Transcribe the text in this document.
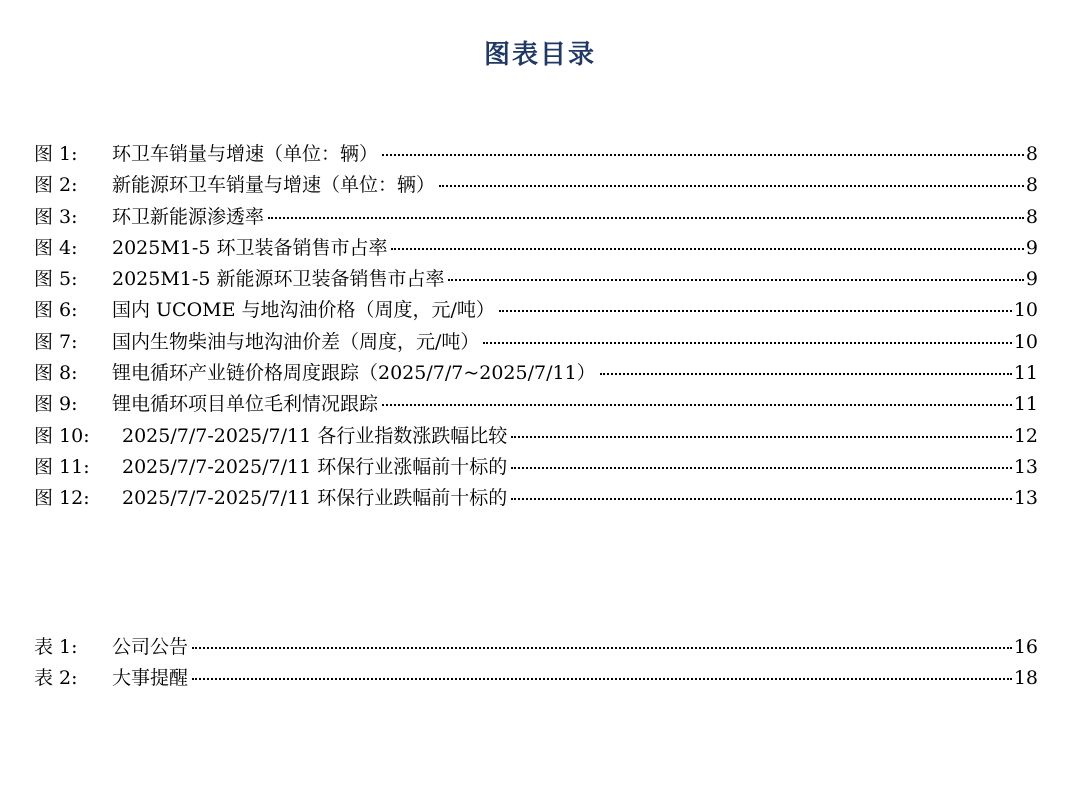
图表目录
图 1:	环卫车销量与增速（单位：辆）	8
图 2:	新能源环卫车销量与增速（单位：辆）	8
图 3:	环卫新能源渗透率	8
图 4:	2025M1-5 环卫装备销售市占率	9
图 5:	2025M1-5 新能源环卫装备销售市占率	9
图 6:	国内 UCOME 与地沟油价格（周度，元/吨）	10
图 7:	国内生物柴油与地沟油价差（周度，元/吨）	10
图 8:	锂电循环产业链价格周度跟踪（2025/7/7~2025/7/11）	11
图 9:	锂电循环项目单位毛利情况跟踪	11
图 10:	2025/7/7-2025/7/11 各行业指数涨跌幅比较	12
图 11:	2025/7/7-2025/7/11 环保行业涨幅前十标的	13
图 12:	2025/7/7-2025/7/11 环保行业跌幅前十标的	13
表 1:	公司公告	16
表 2:	大事提醒	18
